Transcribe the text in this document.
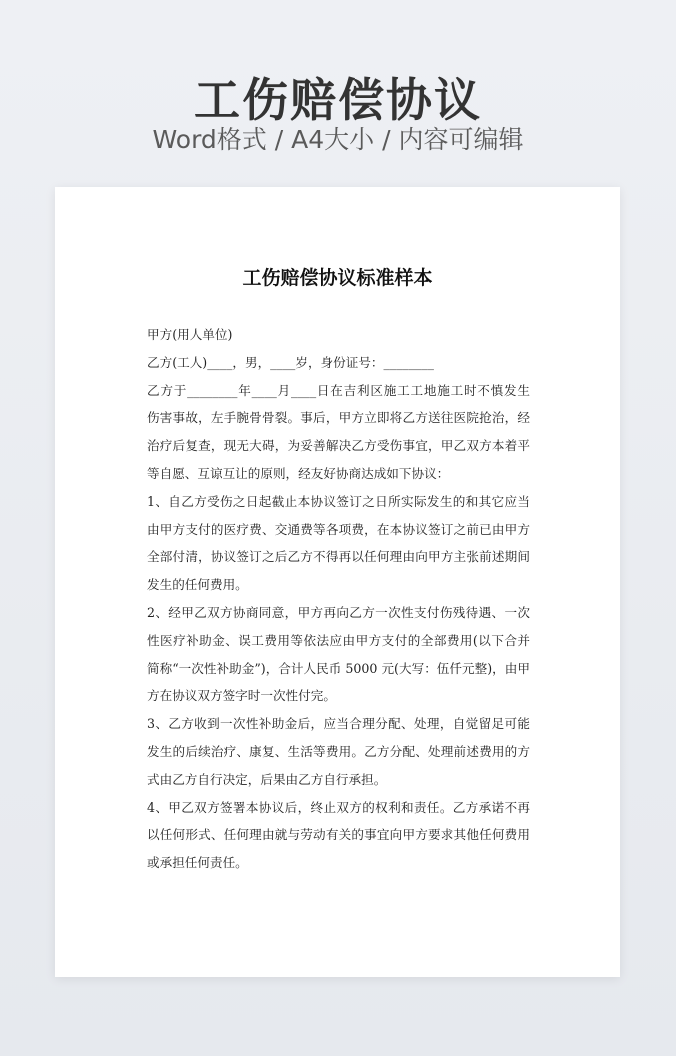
工伤赔偿协议
Word格式 / A4大小 / 内容可编辑
工伤赔偿协议标准样本
甲方(用人单位)
乙方(工人)____，男，____岁，身份证号：________
乙方于________年____月____日在吉利区施工工地施工时不慎发生
伤害事故，左手腕骨骨裂。事后，甲方立即将乙方送往医院抢治，经
治疗后复查，现无大碍，为妥善解决乙方受伤事宜，甲乙双方本着平
等自愿、互谅互让的原则，经友好协商达成如下协议：
1、自乙方受伤之日起截止本协议签订之日所实际发生的和其它应当
由甲方支付的医疗费、交通费等各项费，在本协议签订之前已由甲方
全部付清，协议签订之后乙方不得再以任何理由向甲方主张前述期间
发生的任何费用。
2、经甲乙双方协商同意，甲方再向乙方一次性支付伤残待遇、一次
性医疗补助金、误工费用等依法应由甲方支付的全部费用(以下合并
简称“一次性补助金”)，合计人民币 5000 元(大写：伍仟元整)，由甲
方在协议双方签字时一次性付完。
3、乙方收到一次性补助金后，应当合理分配、处理，自觉留足可能
发生的后续治疗、康复、生活等费用。乙方分配、处理前述费用的方
式由乙方自行决定，后果由乙方自行承担。
4、甲乙双方签署本协议后，终止双方的权利和责任。乙方承诺不再
以任何形式、任何理由就与劳动有关的事宜向甲方要求其他任何费用
或承担任何责任。
